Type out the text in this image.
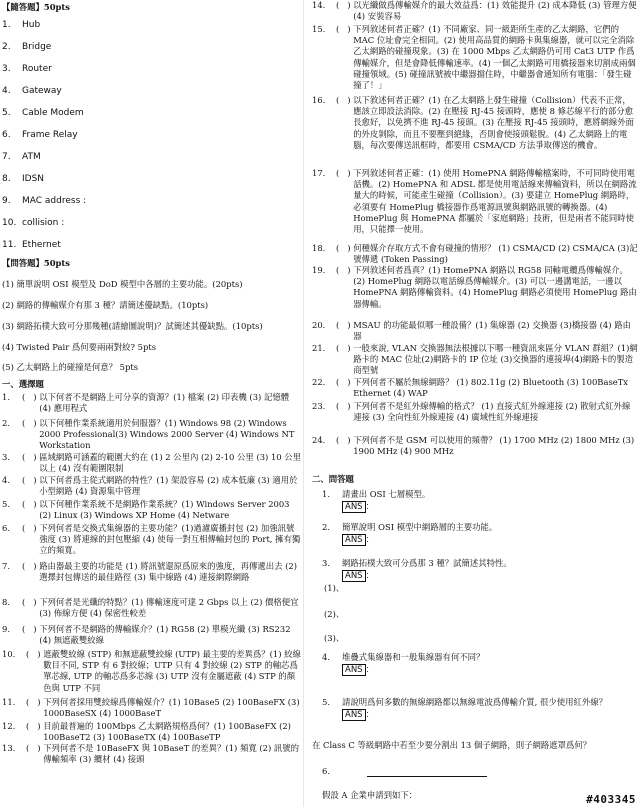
【隨答題】50pts
1. Hub
2. Bridge
3. Router
4. Gateway
5. Cable Modem
6. Frame Relay
7. ATM
8. IDSN
9. MAC address :
10. collision :
11. Ethernet
【問答題】50pts
(1) 簡單說明 OSI 模型及 DoD 模型中各層的主要功能。(20pts)
(2) 網路的傳輸媒介有那 3 種？請簡述優缺點。(10pts)
(3) 網路拓樸大致可分那幾種(請繪圖說明)？試簡述其優缺點。(10pts)
(4) Twisted Pair 爲何要兩兩對絞? 5pts
(5) 乙太網路上的碰撞是何意？ 5pts
一、選擇題
1.	(   ) 以下何者不是網路上可分享的資源？(1) 檔案 (2) 印表機 (3) 記憶體 (4) 應用程式
2.	(   ) 以下何種作業系統適用於伺服器？(1) Windows 98 (2) Windows 2000 Professional(3) Windows 2000 Server (4) Windows NT Workstation
3.	(   ) 區域網路可涵蓋的範圍大約在 (1) 2 公里內 (2) 2-10 公里 (3) 10 公里以上 (4) 沒有範圍限制
4.	(   ) 以下何者爲主從式網路的特性？(1) 架設容易 (2) 成本低廉 (3) 適用於小型網路 (4) 資源集中管理
5.	(   ) 以下何種作業系統不是網路作業系統？(1) Windows Server 2003 (2) Linux (3) Windows XP Home (4) Netware
6.	(   ) 下列何者是交換式集線器的主要功能？(1)過濾廣播封包 (2) 加強訊號強度 (3) 將連線的封包壓縮 (4) 使每一對互相傳輸封包的 Port, 擁有獨立的頻寬。
7.	(   ) 路由器最主要的功能是 (1) 將訊號還原爲原來的強度，再傳遞出去 (2) 選擇封包傳送的最佳路徑 (3) 集中線路 (4) 連接網際網路
8.	(   ) 下列何者是光纖的特點？(1) 傳輸速度可達 2 Gbps 以上 (2) 價格便宜 (3) 佈線方便 (4) 保密性較差
9.	(   ) 下列何者不是網路的傳輸媒介？(1) RG58 (2) 單模光纖 (3) RS232 (4) 無遮蔽雙絞線
10.	(   ) 遮蔽雙絞線 (STP) 和無遮蔽雙絞線 (UTP) 最主要的差異爲？(1) 絞線數目不同, STP 有 6 對絞線；UTP 只有 4 對絞線 (2) STP 的軸芯爲單芯線, UTP 的軸芯爲多芯線 (3) UTP 沒有金屬遮蔽 (4) STP 的顏色與 UTP 不同
11.	(   ) 下列何者採用雙絞線爲傳輸媒介？(1) 10Base5 (2) 100BaseFX (3) 1000BaseSX (4) 1000BaseT
12.	(   ) 目前最普遍的 100Mbps 乙太網路規格爲何？(1) 100BaseFX (2) 100BaseT2 (3) 100BaseTX (4) 100BaseTP
13.	(   ) 下列何者不是 10BaseFX 與 10BaseT 的差異？(1) 頻寬 (2) 訊號的傳輸頻率 (3) 纜材 (4) 接頭
14.	(   ) 以光纖做爲傳輸媒介的最大效益爲：(1) 效能提升 (2) 成本降低 (3) 管理方便 (4) 安裝容易
15.	(   ) 下列敘述何者正確？(1) 不同廠家、同一級距所生產的乙太網路，它們的 MAC 位址會完全相同。(2) 使用高品質的網路卡與集線器，就可以完全消除乙太網路的碰撞現象。(3) 在 1000 Mbps 乙太網路仍可用 Cat3 UTP 作爲傳輸媒介，但是會降低傳輸速率。(4) 一個乙太網路可用橋接器來切割成兩個碰撞領域。(5) 碰撞訊號被中繼器擋住時，中繼器會通知所有電腦：「發生碰撞了！」
16.	(   ) 以下敘述何者正確？(1) 在乙太網路上發生碰撞（Collision）代表不正常，應該立即設法消除。(2) 在壓接 RJ-45 接頭時，應使 8 條芯線平行的部分愈長愈好，以免擠不進 RJ-45 接頭。(3) 在壓接 RJ-45 接頭時，應將網線外面的外皮剝除，而且不要壓到絕緣，否則會使接頭鬆脫。(4) 乙太網路上的電腦，每次要傳送訊框時，都要用 CSMA/CD 方法爭取傳送的機會。
17.	(   ) 下列敘述何者正確：(1) 使用 HomePNA 網路傳輸檔案時，不可同時使用電話機。(2) HomePNA 和 ADSL 都是使用電話線來傳輸資料，所以在網路流量大的時候，可能產生碰撞（Collision）。(3) 要建立 HomePlug 網路時，必須要有 HomePlug 橋接器作爲電源訊號與網路訊號的轉換器。(4) HomePlug 與 HomePNA 都屬於「家庭網路」技術，但是兩者不能同時使用，只能擇一使用。
18.	(   ) 何種媒介存取方式不會有碰撞的情形？ (1) CSMA/CD (2) CSMA/CA (3)記號傳遞 (Token Passing)
19.	(   ) 下列敘述何者爲真？(1) HomePNA 網路以 RG58 同軸電纜爲傳輸媒介。(2) HomePlug 網路以電話線爲傳輸媒介。(3) 可以一邊講電話，一邊以 HomePNA 網路傳輸資料。(4) HomePlug 網路必須使用 HomePlug 路由器傳輸。
20.	(   ) MSAU 的功能最似哪一種設備？(1) 集線器 (2) 交換器 (3)橋接器 (4) 路由器
21.	(   ) 一般來說, VLAN 交換器無法根據以下哪一種資訊來區分 VLAN 群組？(1)網路卡的 MAC 位址(2)網路卡的 IP 位址 (3)交換器的連接埠(4)網路卡的製造商型號
22.	(   ) 下列何者不屬於無線網路？ (1) 802.11g (2) Bluetooth (3) 100BaseTx Ethernet (4) WAP
23.	(   ) 下列何者不是紅外線傳輸的格式？ (1) 直接式紅外線連接 (2) 散射式紅外線連接 (3) 全向性紅外線連接 (4) 廣域性紅外線連接
24.	(   ) 下列何者不是 GSM 可以使用的頻帶？ (1) 1700 MHz (2) 1800 MHz (3) 1900 MHz (4) 900 MHz
二、問答題
1.	請畫出 OSI 七層模型。
ANS ：
2.	簡單說明 OSI 模型中網路層的主要功能。
ANS ：
3.	網路拓樸大致可分爲那 3 種？試簡述其特性。
ANS ：
4.	堆疊式集線器和一般集線器有何不同？
ANS ：
5.	請說明爲何多數的無線網路都以無線電波爲傳輸介質, 很少使用紅外線？
ANS ：
(1)、
(2)、
(3)、
在 Class C 等級網路中若至少要分割出 13 個子網路，則子網路遮罩爲何？
6.
假設 A 企業申請到如下：	#403345
